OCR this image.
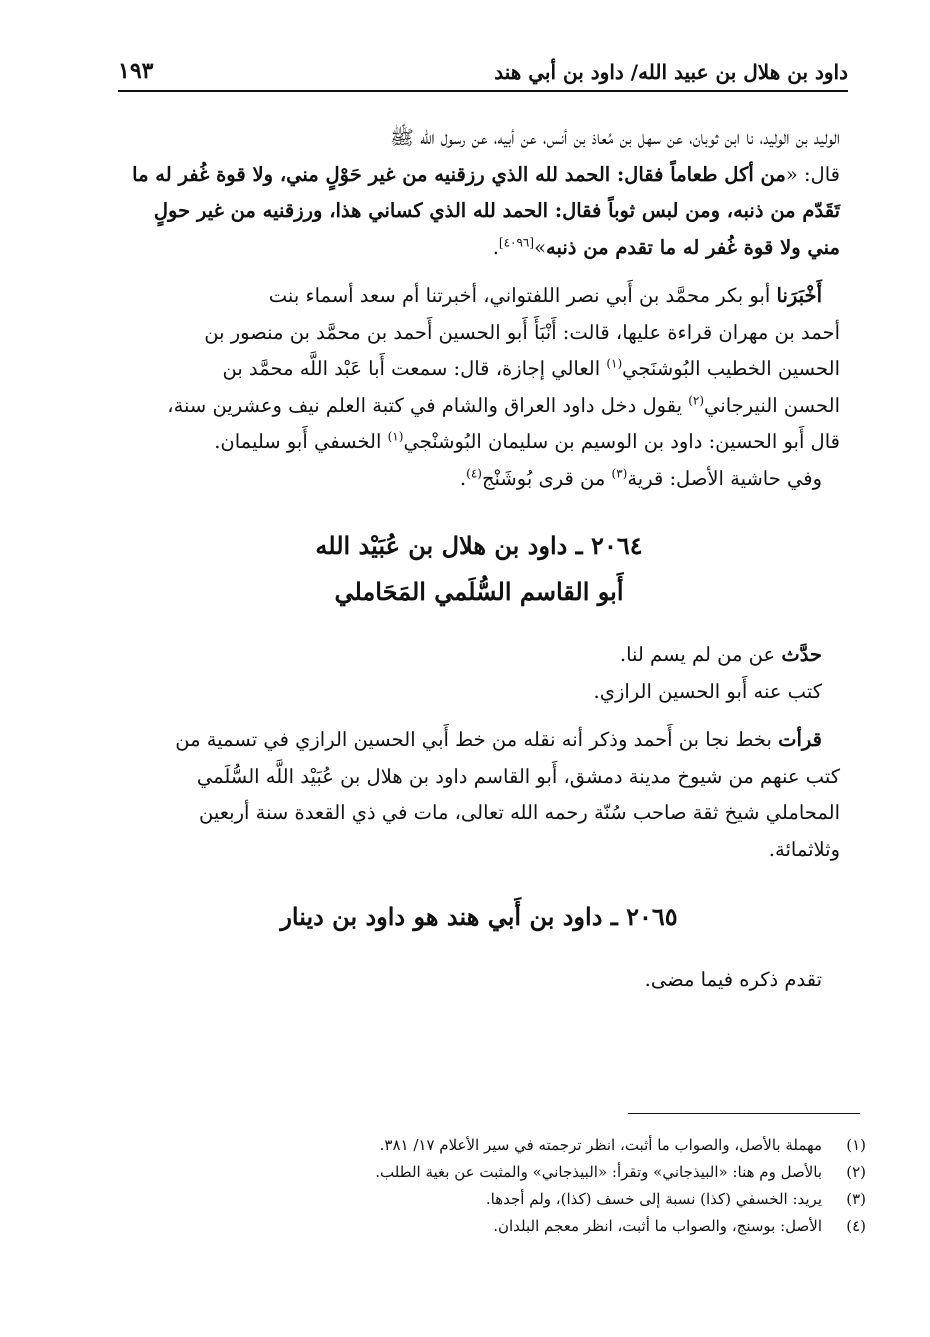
داود بن هلال بن عبيد الله/ داود بن أبي هند
١٩٣

الوليد بن الوليد، نا ابن ثوبان، عن سهل بن مُعاذ بن أنس، عن أبيه، عن رسول الله ﷺ

قال: «من أكل طعاماً فقال: الحمد لله الذي رزقنيه من غير حَوْلٍ مني، ولا قوة غُفر له ما

تَقَدّم من ذنبه، ومن لبس ثوباً فقال: الحمد لله الذي كساني هذا، ورزقنيه من غير حولٍ

مني ولا قوة غُفر له ما تقدم من ذنبه»[٤٠٩٦].

أَخْبَرَنا أبو بكر محمَّد بن أَبي نصر اللفتواني، أخبرتنا أم سعد أسماء بنت

أحمد بن مهران قراءة عليها، قالت: أَنْبَأَ أَبو الحسين أَحمد بن محمَّد بن منصور بن

الحسين الخطيب البُوشنَجي$^{(١)}$ العالي إجازة، قال: سمعت أَبا عَبْد اللَّه محمَّد بن

الحسن النيرجاني$^{(٢)}$ يقول دخل داود العراق والشام في كتبة العلم نيف وعشرين سنة،

قال أَبو الحسين: داود بن الوسيم بن سليمان البُوشنْجي$^{(١)}$ الخسفي أَبو سليمان.

وفي حاشية الأصل: قرية$^{(٣)}$ من قرى بُوشَنْج$^{(٤)}$.

٢٠٦٤ ـ داود بن هلال بن عُبَيْد الله
أَبو القاسم السُّلَمي المَحَاملي

حدَّث عن من لم يسم لنا.

كتب عنه أَبو الحسين الرازي.

قرأت بخط نجا بن أَحمد وذكر أنه نقله من خط أَبي الحسين الرازي في تسمية من

كتب عنهم من شيوخ مدينة دمشق، أَبو القاسم داود بن هلال بن عُبَيْد اللَّه السُّلَمي

المحاملي شيخ ثقة صاحب سُنّة رحمه الله تعالى، مات في ذي القعدة سنة أربعين

وثلاثمائة.

٢٠٦٥ ـ داود بن أَبي هند هو داود بن دينار

تقدم ذكره فيما مضى.

(١)
مهملة بالأصل، والصواب ما أثبت، انظر ترجمته في سير الأعلام ١٧/ ٣٨١.
(٢)
بالأصل وم هنا: «البيذجاني» وتقرأ: «البيذجاني» والمثبت عن بغية الطلب.
(٣)
يريد: الخسفي (كذا) نسبة إلى خسف (كذا)، ولم أجدها.
(٤)
الأصل: بوسنج، والصواب ما أثبت، انظر معجم البلدان.
